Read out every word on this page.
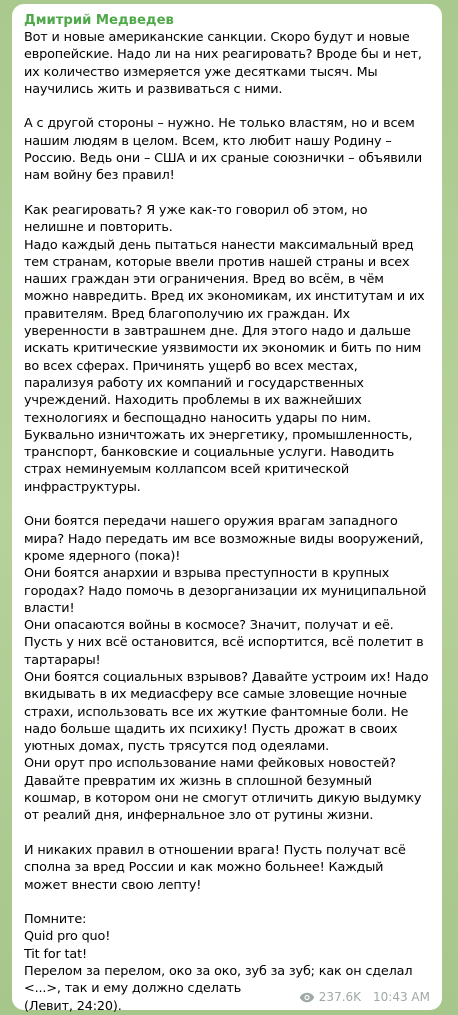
Дмитрий Медведев
Вот и новые американские санкции. Скоро будут и новые европейские. Надо ли на них реагировать? Вроде бы и нет, их количество измеряется уже десятками тысяч. Мы научились жить и развиваться с ними.

А с другой стороны – нужно. Не только властям, но и всем нашим людям в целом. Всем, кто любит нашу Родину – Россию. Ведь они – США и их сраные союзнички – объявили нам войну без правил!

Как реагировать? Я уже как-то говорил об этом, но нелишне и повторить.
Надо каждый день пытаться нанести максимальный вред тем странам, которые ввели против нашей страны и всех наших граждан эти ограничения. Вред во всём, в чём можно навредить. Вред их экономикам, их институтам и их правителям. Вред благополучию их граждан. Их уверенности в завтрашнем дне. Для этого надо и дальше искать критические уязвимости их экономик и бить по ним во всех сферах. Причинять ущерб во всех местах, парализуя работу их компаний и государственных учреждений. Находить проблемы в их важнейших технологиях и беспощадно наносить удары по ним. Буквально изничтожать их энергетику, промышленность, транспорт, банковские и социальные услуги. Наводить страх неминуемым коллапсом всей критической инфраструктуры.

Они боятся передачи нашего оружия врагам западного мира? Надо передать им все возможные виды вооружений, кроме ядерного (пока)!
Они боятся анархии и взрыва преступности в крупных городах? Надо помочь в дезорганизации их муниципальной власти!
Они опасаются войны в космосе? Значит, получат и её. Пусть у них всё остановится, всё испортится, всё полетит в тартарары!
Они боятся социальных взрывов? Давайте устроим их! Надо вкидывать в их медиасферу все самые зловещие ночные страхи, использовать все их жуткие фантомные боли. Не надо больше щадить их психику! Пусть дрожат в своих уютных домах, пусть трясутся под одеялами.
Они орут про использование нами фейковых новостей? Давайте превратим их жизнь в сплошной безумный кошмар, в котором они не смогут отличить дикую выдумку от реалий дня, инфернальное зло от рутины жизни.

И никаких правил в отношении врага! Пусть получат всё сполна за вред России и как можно больнее! Каждый может внести свою лепту!

Помните:
Quid pro quo!
Tit for tat!
Перелом за перелом, око за око, зуб за зуб; как он сделал <...>, так и ему должно сделать
(Левит, 24:20).
237.6K 10:43 AM
